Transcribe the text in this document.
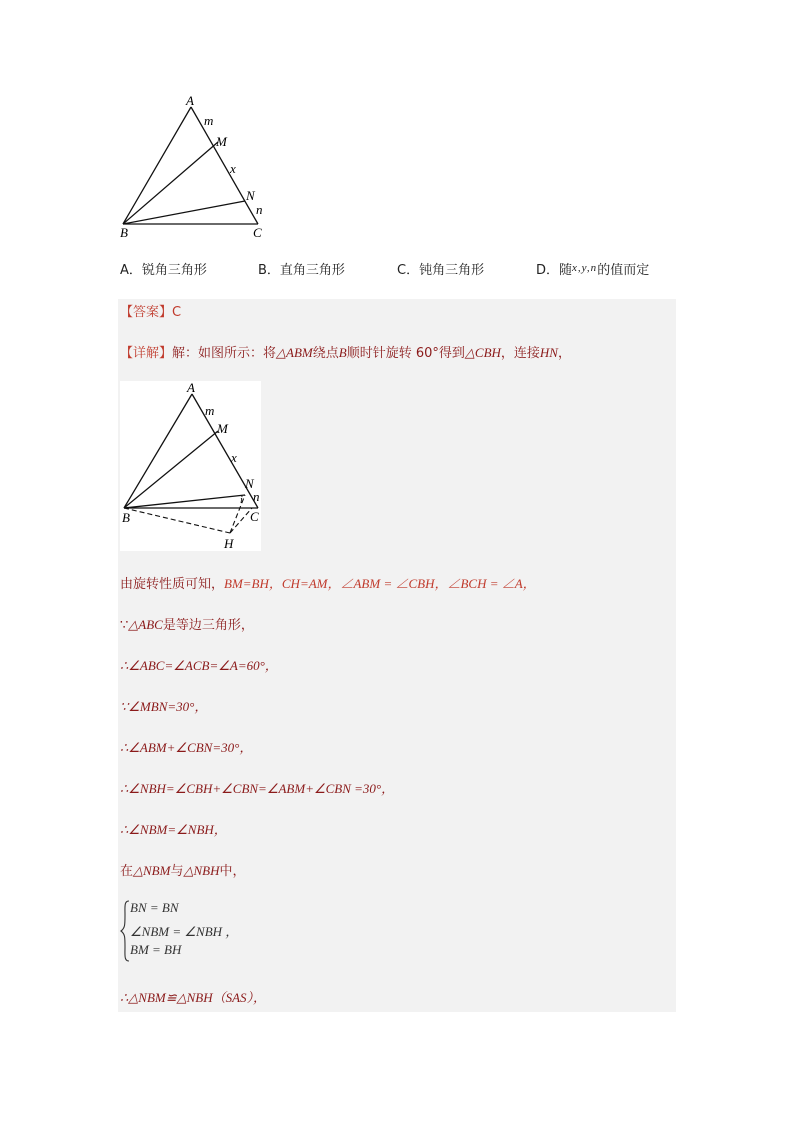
A
m
M
x
N
n
B	C
A．锐角三角形	B．直角三角形	C．钝角三角形	D．随$^{x,y,n}$的值而定
【答案】C
【详解】解：如图所示：将△ABM绕点B顺时针旋转 60°得到△CBH，连接HN，
A
m
M
x
N
n
i
B	C
H
由旋转性质可知，BM=BH，CH=AM，∠ABM = ∠CBH，∠BCH = ∠A，
∵△ABC是等边三角形，
∴∠ABC=∠ACB=∠A=60°，
∵∠MBN=30°，
∴∠ABM+∠CBN=30°，
∴∠NBH=∠CBH+∠CBN=∠ABM+∠CBN =30°，
∴∠NBM=∠NBH，
在△NBM与△NBH中，
BN = BN
∠NBM = ∠NBH ，
BM = BH
∴△NBM≌△NBH（SAS），
